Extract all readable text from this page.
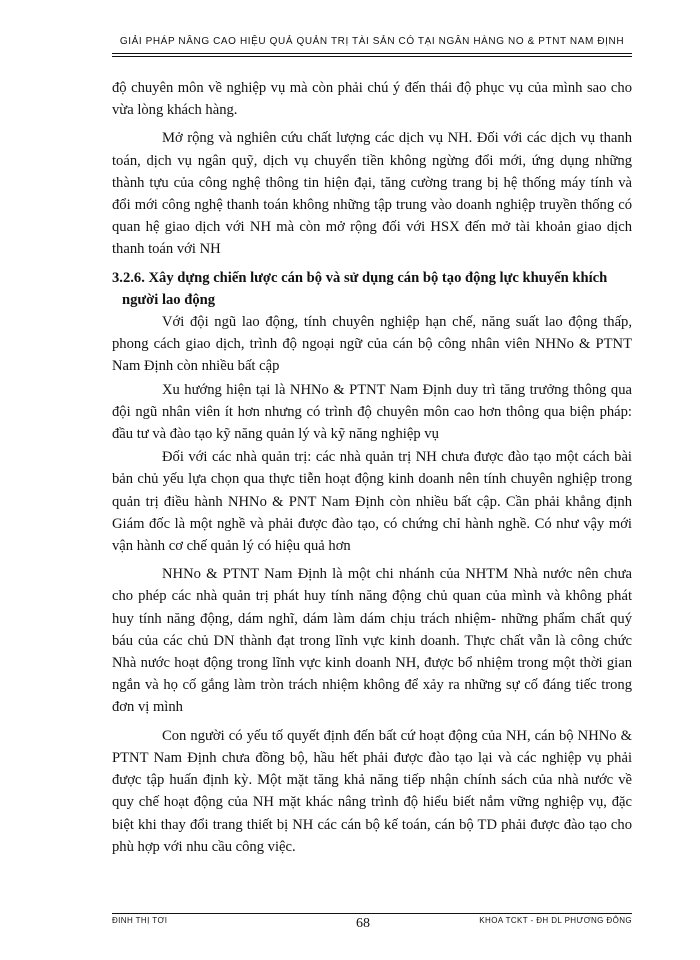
GIẢI PHÁP NÂNG CAO HIỆU QUẢ QUẢN TRỊ TÀI SẢN CÓ TẠI NGÂN HÀNG NO & PTNT NAM ĐỊNH

độ chuyên môn về nghiệp vụ mà còn phải chú ý đến thái độ phục vụ của mình sao cho vừa lòng khách hàng.

Mở rộng và nghiên cứu chất lượng các dịch vụ NH. Đối với các dịch vụ thanh toán, dịch vụ ngân quỹ, dịch vụ chuyển tiền không ngừng đổi mới, ứng dụng những thành tựu của công nghệ thông tin hiện đại, tăng cường trang bị hệ thống máy tính và đổi mới công nghệ thanh toán không những tập trung vào doanh nghiệp truyền thống có quan hệ giao dịch với NH mà còn mở rộng đối với HSX đến mở tài khoản giao dịch thanh toán với NH

3.2.6. Xây dựng chiến lược cán bộ và sử dụng cán bộ tạo động lực khuyến khích người lao động

Với đội ngũ lao động, tính chuyên nghiệp hạn chế, năng suất lao động thấp, phong cách giao dịch, trình độ ngoại ngữ của cán bộ công nhân viên NHNo & PTNT Nam Định còn nhiều bất cập

Xu hướng hiện tại là NHNo & PTNT Nam Định duy trì tăng trưởng thông qua đội ngũ nhân viên ít hơn nhưng có trình độ chuyên môn cao hơn thông qua biện pháp: đầu tư và đào tạo kỹ năng quản lý và kỹ năng nghiệp vụ

Đối với các nhà quản trị: các nhà quản trị NH chưa được đào tạo một cách bài bản chủ yếu lựa chọn qua thực tiễn hoạt động kinh doanh nên tính chuyên nghiệp trong quản trị điều hành NHNo & PNT Nam Định còn nhiều bất cập. Cần phải khẳng định Giám đốc là một nghề và phải được đào tạo, có chứng chỉ hành nghề. Có như vậy mới vận hành cơ chế quản lý có hiệu quả hơn

NHNo & PTNT Nam Định là một chi nhánh của NHTM Nhà nước nên chưa cho phép các nhà quản trị phát huy tính năng động chủ quan của mình và không phát huy tính năng động, dám nghĩ, dám làm dám chịu trách nhiệm- những phẩm chất quý báu của các chủ DN thành đạt trong lĩnh vực kinh doanh. Thực chất vẫn là công chức Nhà nước hoạt động trong lĩnh vực kinh doanh NH, được bổ nhiệm trong một thời gian ngắn và họ cố gắng làm tròn trách nhiệm không để xảy ra những sự cố đáng tiếc trong đơn vị mình

Con người có yếu tố quyết định đến bất cứ hoạt động của NH, cán bộ NHNo & PTNT Nam Định chưa đồng bộ, hầu hết phải được đào tạo lại và các nghiệp vụ phải được tập huấn định kỳ. Một mặt tăng khả năng tiếp nhận chính sách của nhà nước về quy chế hoạt động của NH mặt khác nâng trình độ hiểu biết nắm vững nghiệp vụ, đặc biệt khi thay đổi trang thiết bị NH các cán bộ kế toán, cán bộ TD phải được đào tạo cho phù hợp với nhu cầu công việc.

ĐINH THỊ TƠI	68	KHOA TCKT - ĐH DL PHƯƠNG ĐÔNG
